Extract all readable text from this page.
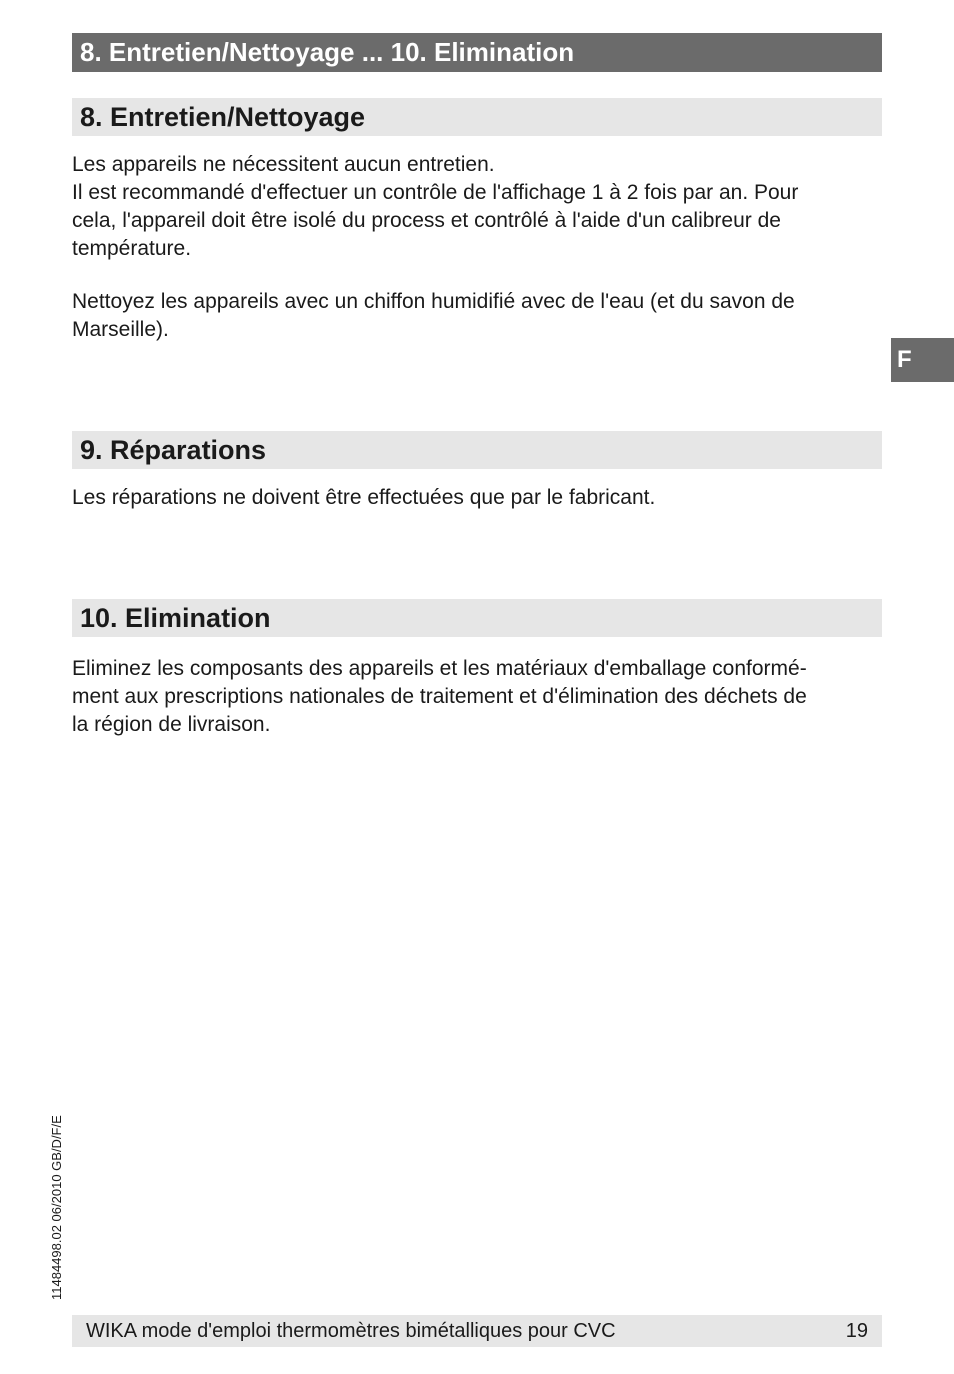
8. Entretien/Nettoyage ... 10. Elimination
8. Entretien/Nettoyage

Les appareils ne nécessitent aucun entretien.
Il est recommandé d'effectuer un contrôle de l'affichage 1 à 2 fois par an. Pour
cela, l'appareil doit être isolé du process et contrôlé à l'aide d'un calibreur de
température.

Nettoyez les appareils avec un chiffon humidifié avec de l'eau (et du savon de
Marseille).

F
9. Réparations

Les réparations ne doivent être effectuées que par le fabricant.

10. Elimination

Eliminez les composants des appareils et les matériaux d'emballage conformé-
ment aux prescriptions nationales de traitement et d'élimination des déchets de
la région de livraison.

11484498.02 06/2010 GB/D/F/E
WIKA mode d'emploi thermomètres bimétalliques pour CVC	19
